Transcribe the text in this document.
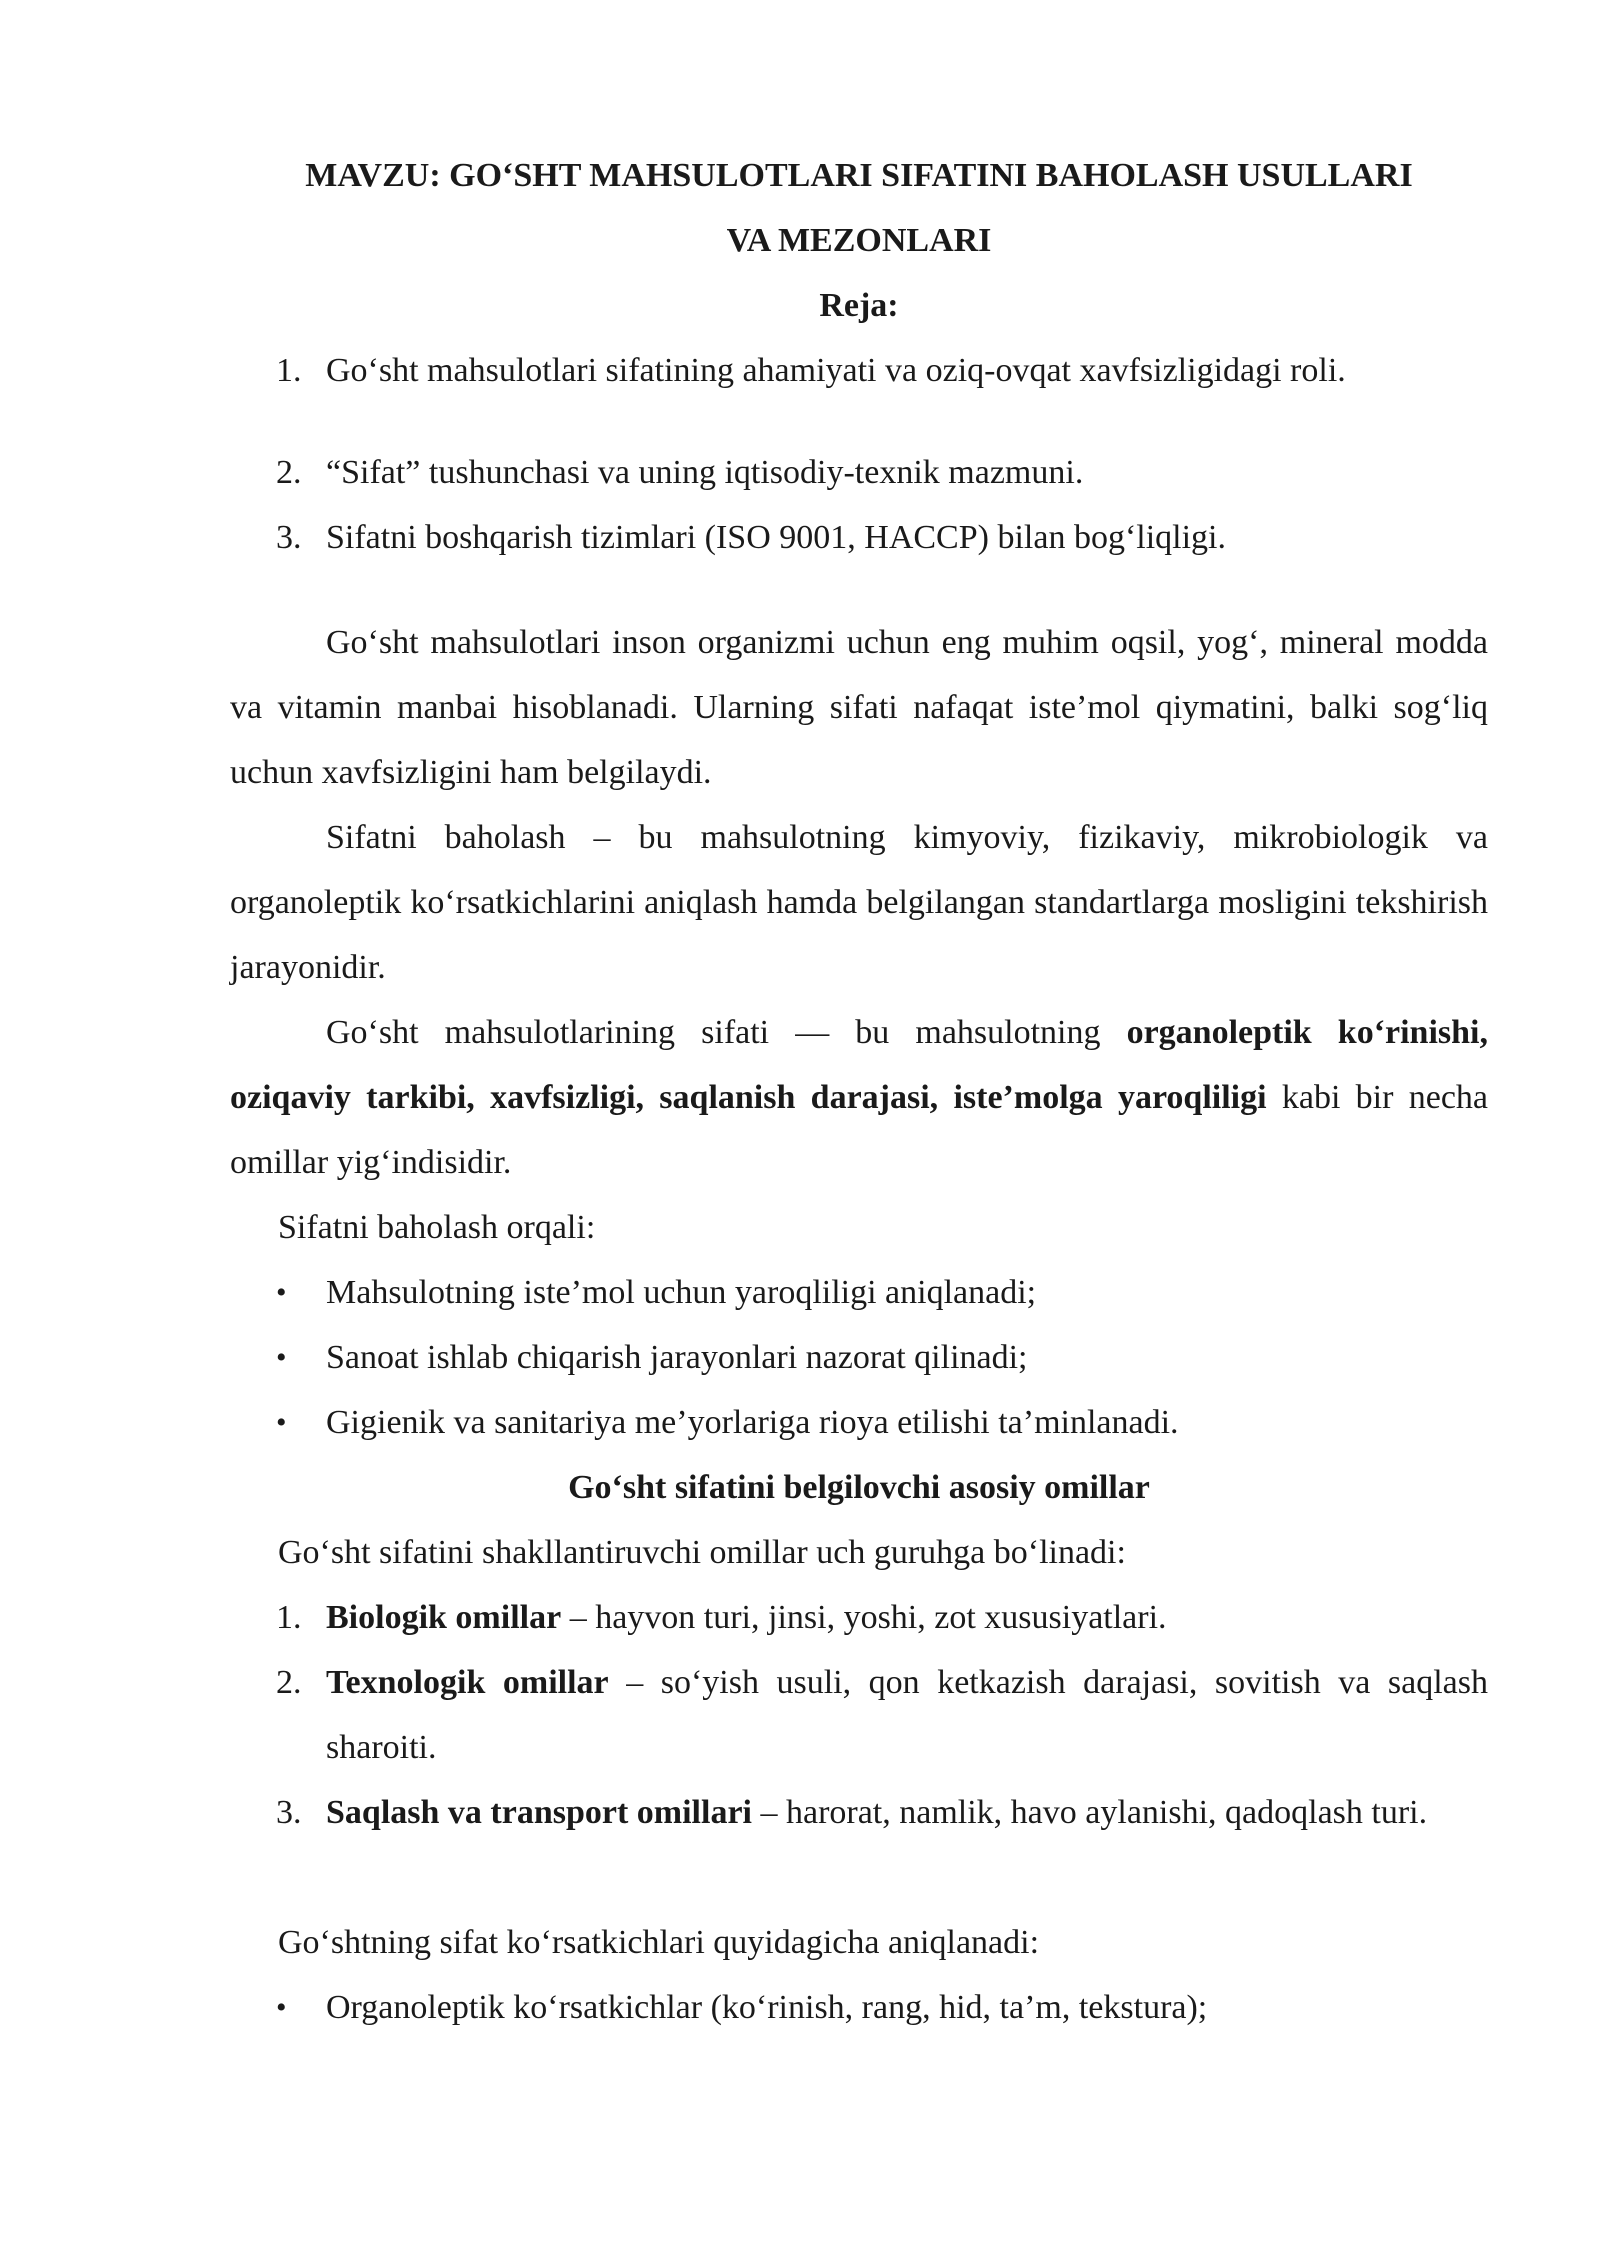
MAVZU: GO‘SHT MAHSULOTLARI SIFATINI BAHOLASH USULLARI
VA MEZONLARI
Reja:
1. Go‘sht mahsulotlari sifatining ahamiyati va oziq-ovqat xavfsizligidagi roli.
2. “Sifat” tushunchasi va uning iqtisodiy-texnik mazmuni.
3. Sifatni boshqarish tizimlari (ISO 9001, HACCP) bilan bog‘liqligi.

Go‘sht mahsulotlari inson organizmi uchun eng muhim oqsil, yog‘, mineral modda va vitamin manbai hisoblanadi. Ularning sifati nafaqat iste’mol qiymatini, balki sog‘liq uchun xavfsizligini ham belgilaydi.

Sifatni baholash – bu mahsulotning kimyoviy, fizikaviy, mikrobiologik va organoleptik ko‘rsatkichlarini aniqlash hamda belgilangan standartlarga mosligini tekshirish jarayonidir.

Go‘sht mahsulotlarining sifati — bu mahsulotning organoleptik ko‘rinishi, oziqaviy tarkibi, xavfsizligi, saqlanish darajasi, iste’molga yaroqliligi kabi bir necha omillar yig‘indisidir.

Sifatni baholash orqali:
•	Mahsulotning iste’mol uchun yaroqliligi aniqlanadi;
•	Sanoat ishlab chiqarish jarayonlari nazorat qilinadi;
•	Gigienik va sanitariya me’yorlariga rioya etilishi ta’minlanadi.
Go‘sht sifatini belgilovchi asosiy omillar
Go‘sht sifatini shakllantiruvchi omillar uch guruhga bo‘linadi:
1. Biologik omillar – hayvon turi, jinsi, yoshi, zot xususiyatlari.
2. Texnologik omillar – so‘yish usuli, qon ketkazish darajasi, sovitish va saqlash sharoiti.
3. Saqlash va transport omillari – harorat, namlik, havo aylanishi, qadoqlash turi.
Go‘shtning sifat ko‘rsatkichlari quyidagicha aniqlanadi:
•	Organoleptik ko‘rsatkichlar (ko‘rinish, rang, hid, ta’m, tekstura);
